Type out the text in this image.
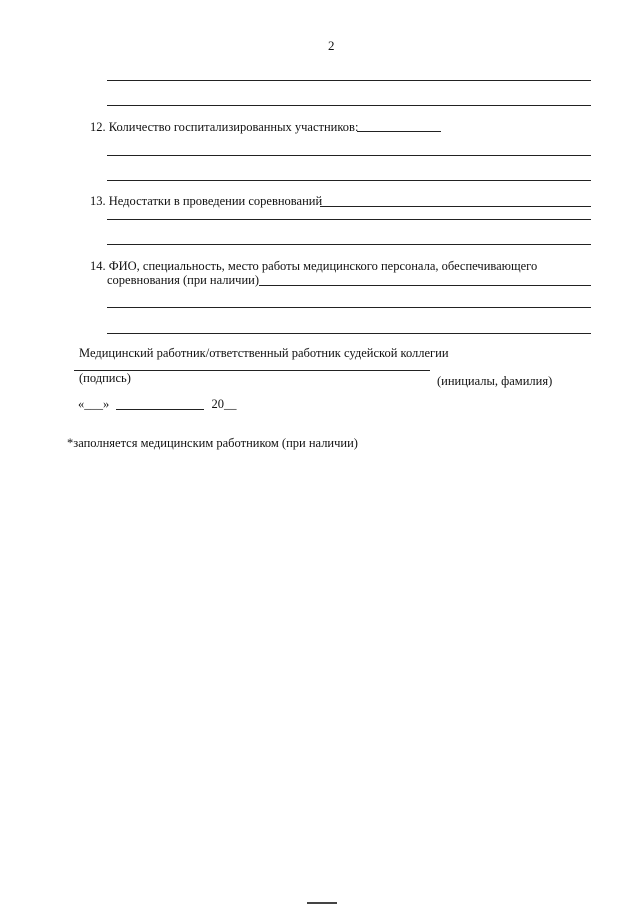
2
12. Количество госпитализированных участников:
13. Недостатки в проведении соревнований
14. ФИО, специальность, место работы медицинского персонала, обеспечивающего
соревнования (при наличии)
Медицинский работник/ответственный работник судейской коллегии
(подпись)	(инициалы, фамилия)
«___»	20__
*заполняется медицинским работником (при наличии)
